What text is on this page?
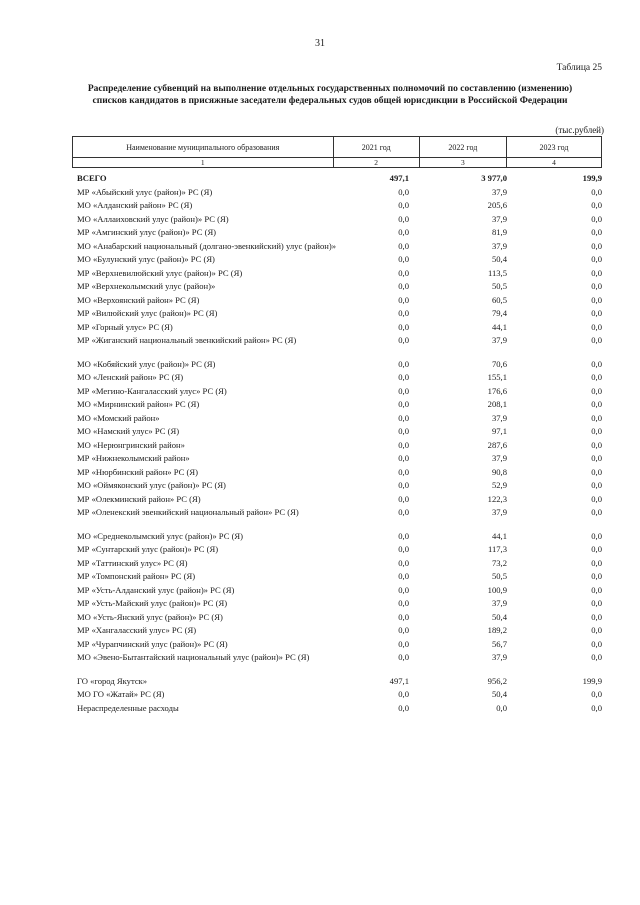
31
Таблица 25
Распределение субвенций на выполнение отдельных государственных полномочий по составлению (изменению)
списков кандидатов в присяжные заседатели федеральных судов общей юрисдикции в Российской Федерации
(тыс.рублей)
Наименование муниципального образования	2021 год	2022 год	2023 год
1	2	3	4
ВСЕГО	497,1	3 977,0	199,9
МР «Абыйский улус (район)» РС (Я)	0,0	37,9	0,0
МО «Алданский район» РС (Я)	0,0	205,6	0,0
МО «Аллаиховский улус (район)» РС (Я)	0,0	37,9	0,0
МР «Амгинский улус (район)» РС (Я)	0,0	81,9	0,0
МО «Анабарский национальный (долгано-эвенкийский) улус (район)»	0,0	37,9	0,0
МО «Булунский улус (район)» РС (Я)	0,0	50,4	0,0
МР «Верхневилюйский улус (район)» РС (Я)	0,0	113,5	0,0
МР «Верхнеколымский улус (район)»	0,0	50,5	0,0
МО «Верхоянский район» РС (Я)	0,0	60,5	0,0
МР «Вилюйский улус (район)» РС (Я)	0,0	79,4	0,0
МР «Горный улус» РС (Я)	0,0	44,1	0,0
МР «Жиганский национальный эвенкийский район» РС (Я)	0,0	37,9	0,0
МО «Кобяйский улус (район)» РС (Я)	0,0	70,6	0,0
МО «Ленский район» РС (Я)	0,0	155,1	0,0
МР «Мегино-Кангаласский улус» РС (Я)	0,0	176,6	0,0
МО «Мирнинский район» РС (Я)	0,0	208,1	0,0
МО «Момский район»	0,0	37,9	0,0
МО «Намский улус» РС (Я)	0,0	97,1	0,0
МО «Нерюнгринский район»	0,0	287,6	0,0
МР «Нижнеколымский район»	0,0	37,9	0,0
МР «Нюрбинский район» РС (Я)	0,0	90,8	0,0
МО «Оймяконский улус (район)» РС (Я)	0,0	52,9	0,0
МР «Олекминский район» РС (Я)	0,0	122,3	0,0
МР «Оленекский эвенкийский национальный район» РС (Я)	0,0	37,9	0,0
МО «Среднеколымский улус (район)» РС (Я)	0,0	44,1	0,0
МР «Сунтарский улус (район)» РС (Я)	0,0	117,3	0,0
МР «Таттинский улус» РС (Я)	0,0	73,2	0,0
МР «Томпонский район» РС (Я)	0,0	50,5	0,0
МР «Усть-Алданский улус (район)» РС (Я)	0,0	100,9	0,0
МР «Усть-Майский улус (район)» РС (Я)	0,0	37,9	0,0
МО «Усть-Янский улус (район)» РС (Я)	0,0	50,4	0,0
МР «Хангаласский улус» РС (Я)	0,0	189,2	0,0
МР «Чурапчинский улус (район)» РС (Я)	0,0	56,7	0,0
МО «Эвено-Бытантайский национальный улус (район)» РС (Я)	0,0	37,9	0,0
ГО «город Якутск»	497,1	956,2	199,9
МО ГО «Жатай» РС (Я)	0,0	50,4	0,0
Нераспределенные расходы	0,0	0,0	0,0
